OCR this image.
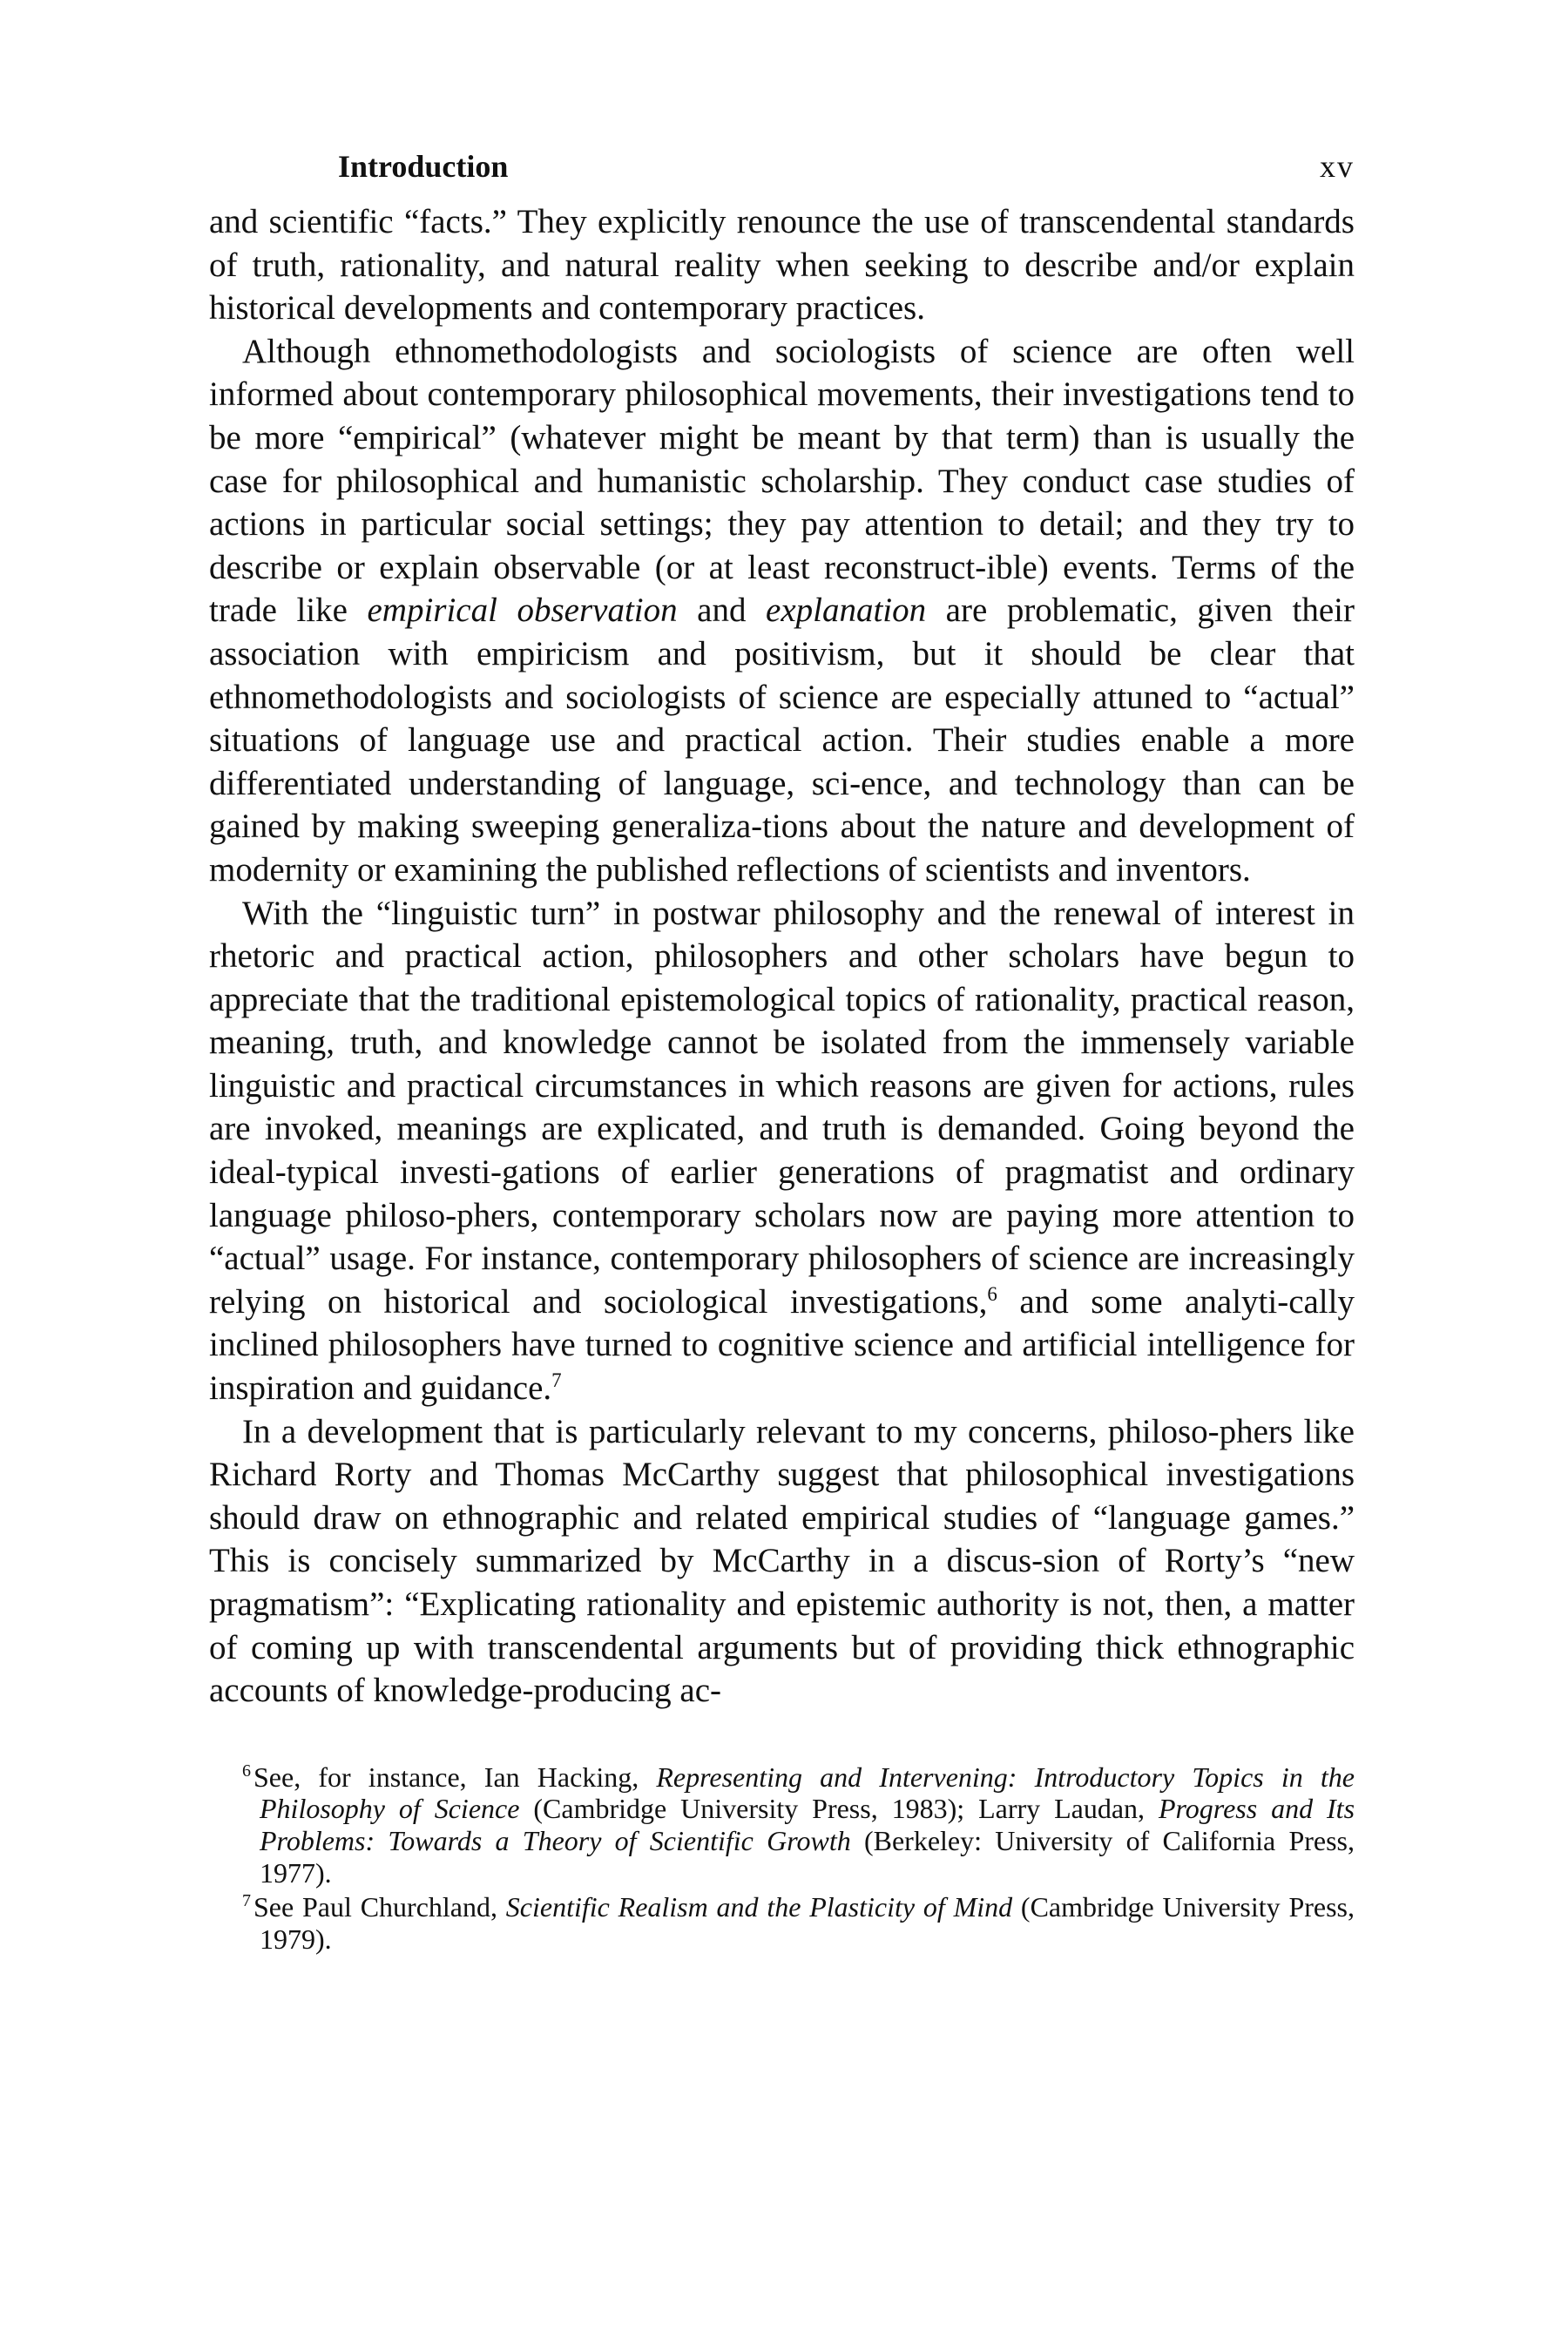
Introduction	xv

and scientific “facts.” They explicitly renounce the use of transcendental standards of truth, rationality, and natural reality when seeking to describe and/or explain historical developments and contemporary practices.

Although ethnomethodologists and sociologists of science are often well informed about contemporary philosophical movements, their investigations tend to be more “empirical” (whatever might be meant by that term) than is usually the case for philosophical and humanistic scholarship. They conduct case studies of actions in particular social settings; they pay attention to detail; and they try to describe or explain observable (or at least reconstruct-ible) events. Terms of the trade like empirical observation and explanation are problematic, given their association with empiricism and positivism, but it should be clear that ethnomethodologists and sociologists of science are especially attuned to “actual” situations of language use and practical action. Their studies enable a more differentiated understanding of language, sci-ence, and technology than can be gained by making sweeping generaliza-tions about the nature and development of modernity or examining the published reflections of scientists and inventors.

With the “linguistic turn” in postwar philosophy and the renewal of interest in rhetoric and practical action, philosophers and other scholars have begun to appreciate that the traditional epistemological topics of rationality, practical reason, meaning, truth, and knowledge cannot be isolated from the immensely variable linguistic and practical circumstances in which reasons are given for actions, rules are invoked, meanings are explicated, and truth is demanded. Going beyond the ideal-typical investi-gations of earlier generations of pragmatist and ordinary language philoso-phers, contemporary scholars now are paying more attention to “actual” usage. For instance, contemporary philosophers of science are increasingly relying on historical and sociological investigations,$^6$ and some analyti-cally inclined philosophers have turned to cognitive science and artificial intelligence for inspiration and guidance.$^7$

In a development that is particularly relevant to my concerns, philoso-phers like Richard Rorty and Thomas McCarthy suggest that philosophical investigations should draw on ethnographic and related empirical studies of “language games.” This is concisely summarized by McCarthy in a discus-sion of Rorty’s “new pragmatism”: “Explicating rationality and epistemic authority is not, then, a matter of coming up with transcendental arguments but of providing thick ethnographic accounts of knowledge-producing ac-

$^6$See, for instance, Ian Hacking, Representing and Intervening: Introductory Topics in the Philosophy of Science (Cambridge University Press, 1983); Larry Laudan, Progress and Its Problems: Towards a Theory of Scientific Growth (Berkeley: University of California Press, 1977).

$^7$See Paul Churchland, Scientific Realism and the Plasticity of Mind (Cambridge University Press, 1979).
